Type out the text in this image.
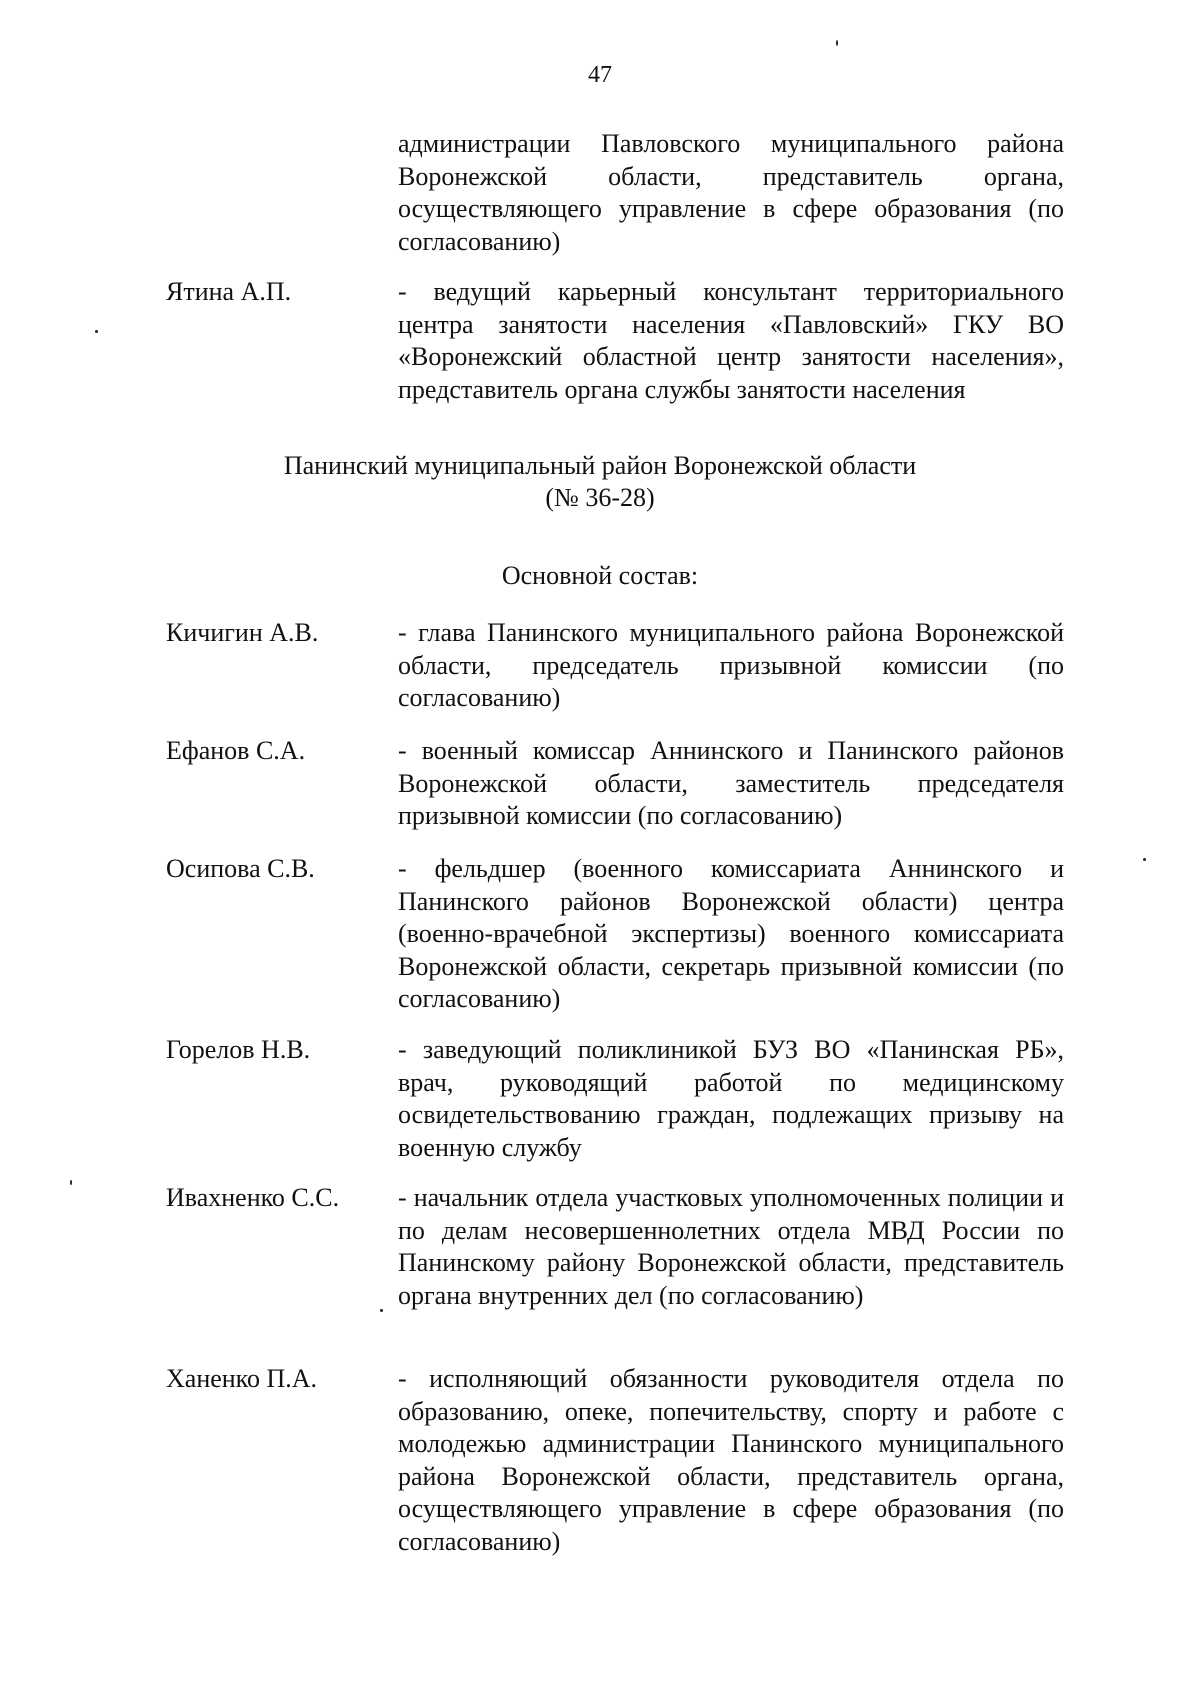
47
администрации Павловского муниципального района Воронежской области, представитель органа, осуществляющего управление в сфере образования (по согласованию)
Ятина А.П.	- ведущий карьерный консультант территориального центра занятости населения «Павловский» ГКУ ВО «Воронежский областной центр занятости населения», представитель органа службы занятости населения
Панинский муниципальный район Воронежской области
(№ 36-28)
Основной состав:
Кичигин А.В.	- глава Панинского муниципального района Воронежской области, председатель призывной комиссии (по согласованию)
Ефанов С.А.	- военный комиссар Аннинского и Панинского районов Воронежской области, заместитель председателя призывной комиссии (по согласованию)
Осипова С.В.	- фельдшер (военного комиссариата Аннинского и Панинского районов Воронежской области) центра (военно-врачебной экспертизы) военного комиссариата Воронежской области, секретарь призывной комиссии (по согласованию)
Горелов Н.В.	- заведующий поликлиникой БУЗ ВО «Панинская РБ», врач, руководящий работой по медицинскому освидетельствованию граждан, подлежащих призыву на военную службу
Ивахненко С.С. - начальник отдела участковых уполномоченных полиции и по делам несовершеннолетних отдела МВД России по Панинскому району Воронежской области, представитель органа внутренних дел (по согласованию)
Ханенко П.А.	- исполняющий обязанности руководителя отдела по образованию, опеке, попечительству, спорту и работе с молодежью администрации Панинского муниципального района Воронежской области, представитель органа, осуществляющего управление в сфере образования (по согласованию)
